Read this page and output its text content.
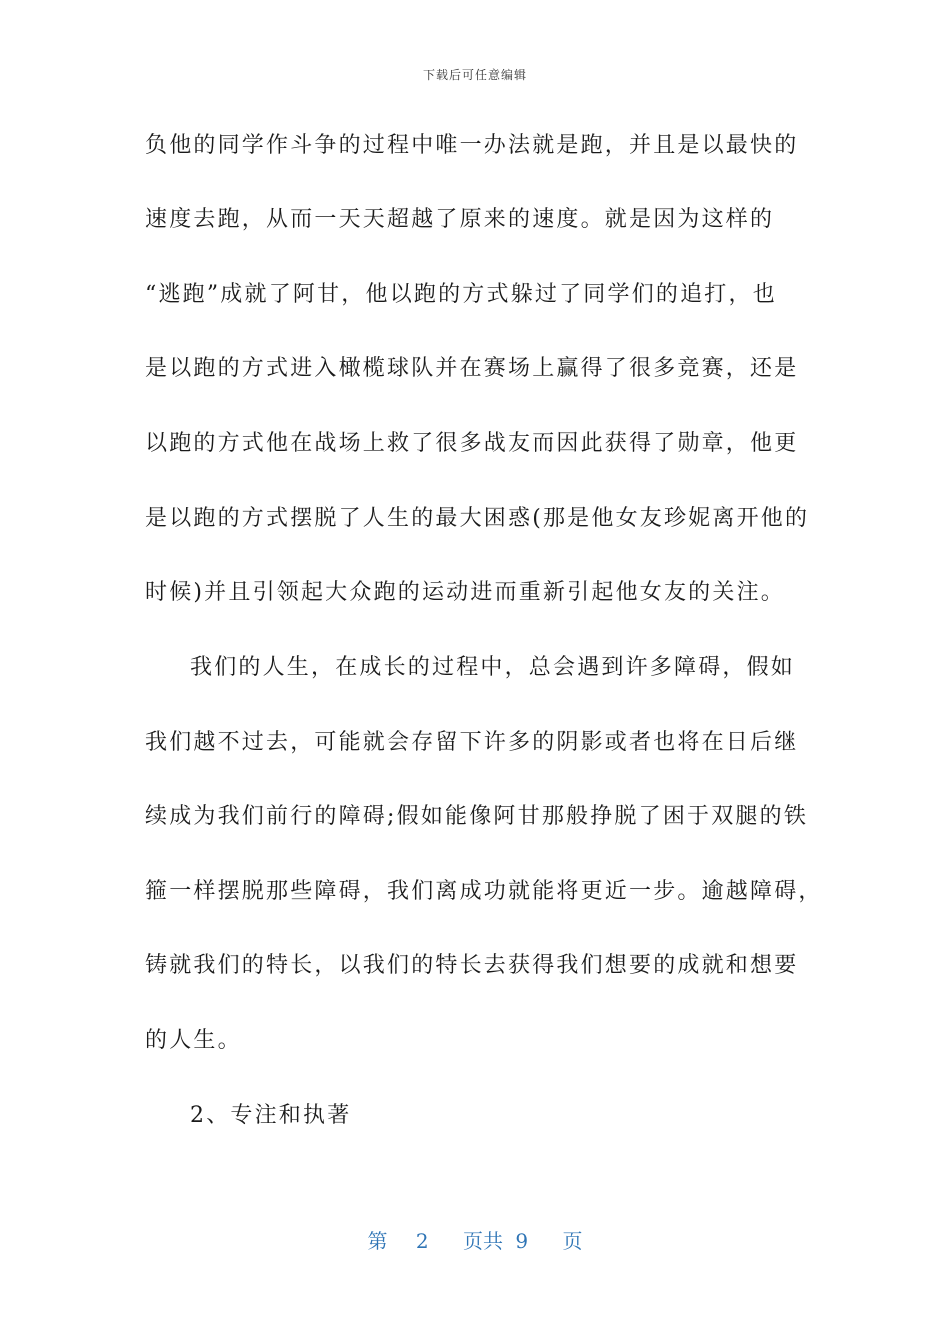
下载后可任意编辑
负他的同学作斗争的过程中唯一办法就是跑，并且是以最快的
速度去跑，从而一天天超越了原来的速度。就是因为这样的
“逃跑”成就了阿甘，他以跑的方式躲过了同学们的追打，也
是以跑的方式进入橄榄球队并在赛场上赢得了很多竞赛，还是
以跑的方式他在战场上救了很多战友而因此获得了勋章，他更
是以跑的方式摆脱了人生的最大困惑(那是他女友珍妮离开他的
时候)并且引领起大众跑的运动进而重新引起他女友的关注。
我们的人生，在成长的过程中，总会遇到许多障碍，假如
我们越不过去，可能就会存留下许多的阴影或者也将在日后继
续成为我们前行的障碍;假如能像阿甘那般挣脱了困于双腿的铁
箍一样摆脱那些障碍，我们离成功就能将更近一步。逾越障碍，
铸就我们的特长，以我们的特长去获得我们想要的成就和想要
的人生。
2、专注和执著
第 2 页共 9 页
